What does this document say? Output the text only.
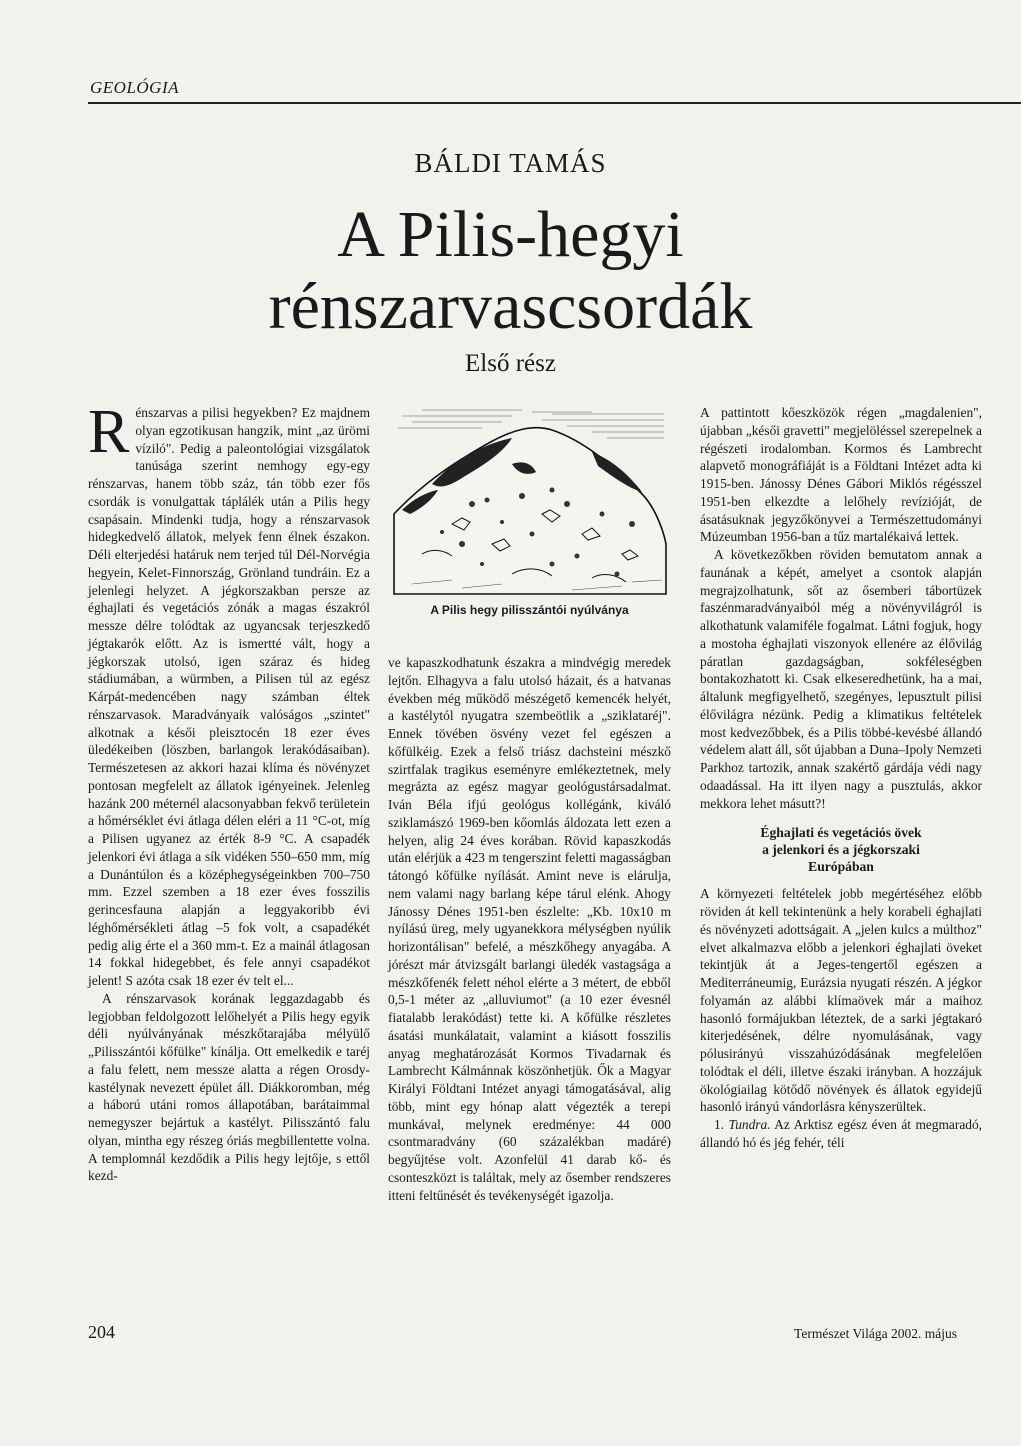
GEOLÓGIA
BÁLDI TAMÁS
A Pilis-hegyi
rénszarvascsordák
Első rész

Rénszarvas a pilisi hegyekben? Ez majdnem olyan egzotikusan hangzik, mint „az ürömi víziló". Pedig a paleontológiai vizsgálatok tanúsága szerint nemhogy egy-egy rénszarvas, hanem több száz, tán több ezer fős csordák is vonulgattak táplálék után a Pilis hegy csapásain. Mindenki tudja, hogy a rénszarvasok hidegkedvelő állatok, melyek fenn élnek északon. Déli elterjedési határuk nem terjed túl Dél-Norvégia hegyein, Kelet-Finnország, Grönland tundráin. Ez a jelenlegi helyzet. A jégkorszakban persze az éghajlati és vegetációs zónák a magas északról messze délre tolódtak az ugyancsak terjeszkedő jégtakarók előtt. Az is ismertté vált, hogy a jégkorszak utolsó, igen száraz és hideg stádiumában, a würmben, a Pilisen túl az egész Kárpát-medencében nagy számban éltek rénszarvasok. Maradványaik valóságos „szintet" alkotnak a késői pleisztocén 18 ezer éves üledékeiben (löszben, barlangok lerakódásaiban). Természetesen az akkori hazai klíma és növényzet pontosan megfelelt az állatok igényeinek. Jelenleg hazánk 200 méternél alacsonyabban fekvő területein a hőmérséklet évi átlaga délen eléri a 11 °C-ot, míg a Pilisen ugyanez az érték 8-9 °C. A csapadék jelenkori évi átlaga a sík vidéken 550–650 mm, míg a Dunántúlon és a középhegységeinkben 700–750 mm. Ezzel szemben a 18 ezer éves fosszilis gerincesfauna alapján a leggyakoribb évi léghőmérsékleti átlag –5 fok volt, a csapadékét pedig alig érte el a 360 mm-t. Ez a mainál átlagosan 14 fokkal hidegebbet, és fele annyi csapadékot jelent! S azóta csak 18 ezer év telt el...

A rénszarvasok korának leggazdagabb és legjobban feldolgozott lelőhelyét a Pilis hegy egyik déli nyúlványának mészkőtarajába mélyülő „Pilisszántói kőfülke" kínálja. Ott emelkedik e taréj a falu felett, nem messze alatta a régen Orosdy-kastélynak nevezett épület áll. Diákkoromban, még a háború utáni romos állapotában, barátaimmal nemegyszer bejártuk a kastélyt. Pilisszántó falu olyan, mintha egy részeg óriás megbillentette volna. A templomnál kezdődik a Pilis hegy lejtője, s ettől kezd-

A Pilis hegy pilisszántói nyúlványa

ve kapaszkodhatunk északra a mindvégig meredek lejtőn. Elhagyva a falu utolsó házait, és a hatvanas években még működő mészégető kemencék helyét, a kastélytól nyugatra szembeötlik a „sziklataréj". Ennek tövében ösvény vezet fel egészen a kőfülkéig. Ezek a felső triász dachsteini mészkő szirtfalak tragikus eseményre emlékeztetnek, mely megrázta az egész magyar geológustársadalmat. Iván Béla ifjú geológus kollégánk, kiváló sziklamászó 1969-ben kőomlás áldozata lett ezen a helyen, alig 24 éves korában. Rövid kapaszkodás után elérjük a 423 m tengerszint feletti magasságban tátongó kőfülke nyílását. Amint neve is elárulja, nem valami nagy barlang képe tárul elénk. Ahogy Jánossy Dénes 1951-ben észlelte: „Kb. 10x10 m nyílású üreg, mely ugyanekkora mélységben nyúlik horizontálisan" befelé, a mészkőhegy anyagába. A jórészt már átvizsgált barlangi üledék vastagsága a mészkőfenék felett néhol elérte a 3 métert, de ebből 0,5-1 méter az „alluviumot" (a 10 ezer évesnél fiatalabb lerakódást) tette ki. A kőfülke részletes ásatási munkálatait, valamint a kiásott fosszilis anyag meghatározását Kormos Tivadarnak és Lambrecht Kálmánnak köszönhetjük. Ők a Magyar Királyi Földtani Intézet anyagi támogatásával, alig több, mint egy hónap alatt végezték a terepi munkával, melynek eredménye: 44 000 csontmaradvány (60 százalékban madáré) begyűjtése volt. Azonfelül 41 darab kő- és csonteszközt is találtak, mely az ősember rendszeres itteni feltűnését és tevékenységét igazolja.

A pattintott kőeszközök régen „magdalenien", újabban „késői gravetti" megjelöléssel szerepelnek a régészeti irodalomban. Kormos és Lambrecht alapvető monográfiáját is a Földtani Intézet adta ki 1915-ben. Jánossy Dénes Gábori Miklós régésszel 1951-ben elkezdte a lelőhely revízióját, de ásatásuknak jegyzőkönyvei a Természettudományi Múzeumban 1956-ban a tűz martalékaivá lettek.

A következőkben röviden bemutatom annak a faunának a képét, amelyet a csontok alapján megrajzolhatunk, sőt az ősemberi tábortüzek faszénmaradványaiból még a növényvilágról is alkothatunk valamiféle fogalmat. Látni fogjuk, hogy a mostoha éghajlati viszonyok ellenére az élővilág páratlan gazdagságban, sokféleségben bontakozhatott ki. Csak elkeseredhetünk, ha a mai, általunk megfigyelhető, szegényes, lepusztult pilisi élővilágra nézünk. Pedig a klimatikus feltételek most kedvezőbbek, és a Pilis többé-kevésbé állandó védelem alatt áll, sőt újabban a Duna–Ipoly Nemzeti Parkhoz tartozik, annak szakértő gárdája védi nagy odaadással. Ha itt ilyen nagy a pusztulás, akkor mekkora lehet másutt?!

Éghajlati és vegetációs övek
a jelenkori és a jégkorszaki
Európában

A környezeti feltételek jobb megértéséhez előbb röviden át kell tekintenünk a hely korabeli éghajlati és növényzeti adottságait. A „jelen kulcs a múlthoz" elvet alkalmazva előbb a jelenkori éghajlati öveket tekintjük át a Jeges-tengertől egészen a Mediterráneumig, Eurázsia nyugati részén. A jégkor folyamán az alábbi klímaövek már a maihoz hasonló formájukban léteztek, de a sarki jégtakaró kiterjedésének, délre nyomulásának, vagy pólusirányú visszahúzódásának megfelelően tolódtak el déli, illetve északi irányban. A hozzájuk ökológiailag kötődő növények és állatok egyidejű hasonló irányú vándorlásra kényszerültek.

1. Tundra. Az Arktisz egész éven át megmaradó, állandó hó és jég fehér, téli

204	Természet Világa 2002. május
